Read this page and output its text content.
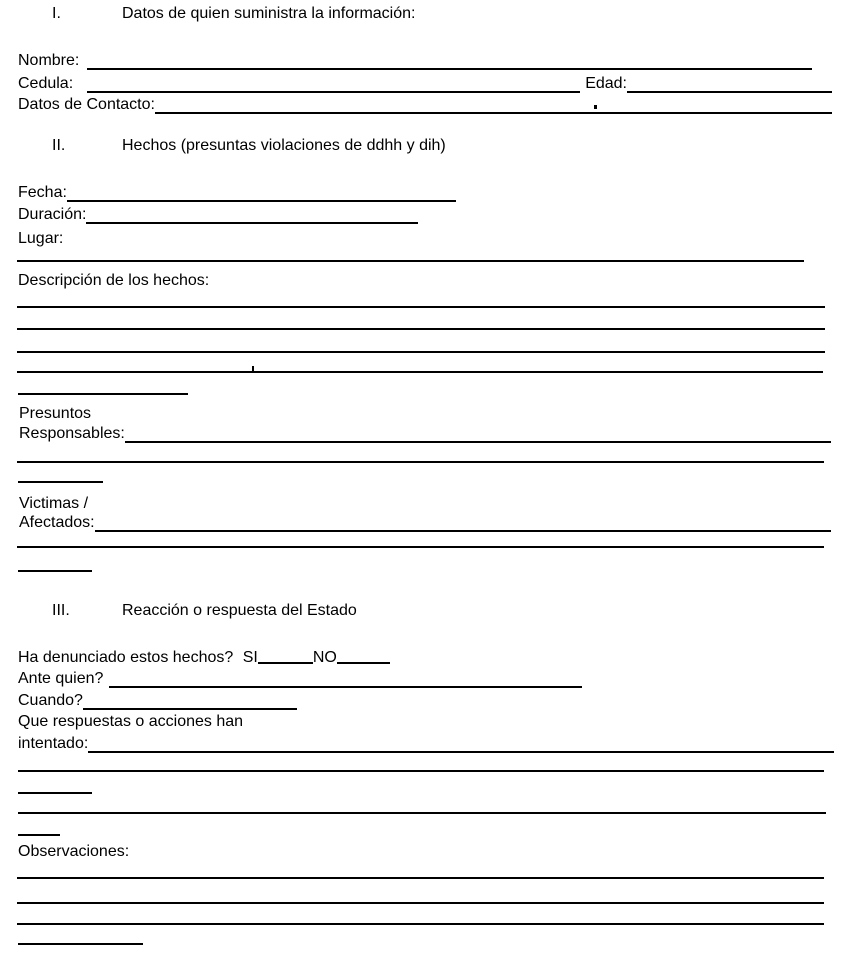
I.	Datos de quien suministra la información:
Nombre:
Cedula:	Edad:
Datos de Contacto:
II.	Hechos (presuntas violaciones de ddhh y dih)
Fecha:
Duración:
Lugar:
Descripción de los hechos:
Presuntos
Responsables:
Victimas /
Afectados:
III.	Reacción o respuesta del Estado
Ha denunciado estos hechos? SI	NO
Ante quien?
Cuando?
Que respuestas o acciones han
intentado:
Observaciones:
